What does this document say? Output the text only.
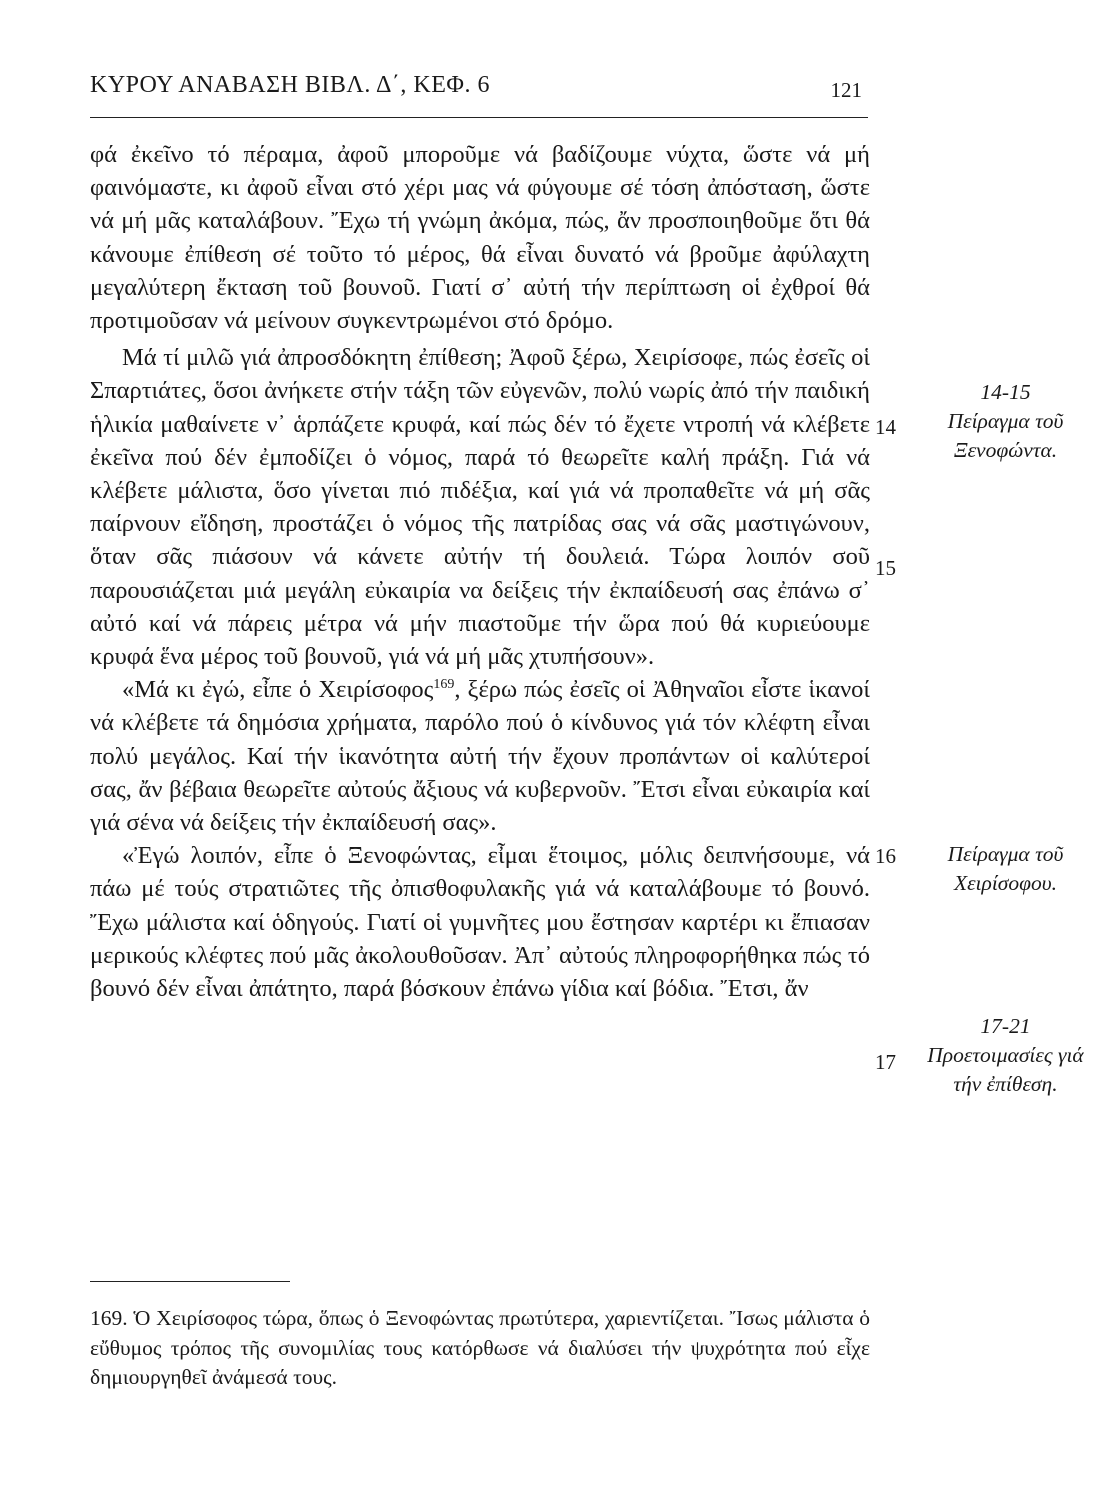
ΚΥΡΟΥ ΑΝΑΒΑΣΗ ΒΙΒΛ. Δ΄, ΚΕΦ. 6	121

φά ἐκεῖνο τό πέραμα, ἀφοῦ μποροῦμε νά βαδίζουμε νύχτα, ὥστε νά μή φαινόμαστε, κι ἀφοῦ εἶναι στό χέρι μας νά φύγουμε σέ τόση ἀπόσταση, ὥστε νά μή μᾶς καταλάβουν. Ἔχω τή γνώμη ἀκόμα, πώς, ἄν προσποιηθοῦμε ὅτι θά κάνουμε ἐπίθεση σέ τοῦτο τό μέρος, θά εἶναι δυνατό νά βροῦμε ἀφύλαχτη μεγαλύτερη ἔκταση τοῦ βουνοῦ. Γιατί σ᾽ αὐτή τήν περίπτωση οἱ ἐχθροί θά προτιμοῦσαν νά μείνουν συγκεντρωμένοι στό δρόμο.

Μά τί μιλῶ γιά ἀπροσδόκητη ἐπίθεση; Ἀφοῦ ξέρω, Χειρίσοφε, πώς ἐσεῖς οἱ Σπαρτιάτες, ὅσοι ἀνήκετε στήν τάξη τῶν εὐγενῶν, πολύ νωρίς ἀπό τήν παιδική ἡλικία μαθαίνετε ν᾽ ἁρπάζετε κρυφά, καί πώς δέν τό ἔχετε ντροπή νά κλέβετε ἐκεῖνα πού δέν ἐμποδίζει ὁ νόμος, παρά τό θεωρεῖτε καλή πράξη. Γιά νά κλέβετε μάλιστα, ὅσο γίνεται πιό πιδέξια, καί γιά νά προπαθεῖτε νά μή σᾶς παίρνουν εἴδηση, προστάζει ὁ νόμος τῆς πατρίδας σας νά σᾶς μαστιγώνουν, ὅταν σᾶς πιάσουν νά κάνετε αὐτήν τή δουλειά. Τώρα λοιπόν σοῦ παρουσιάζεται μιά μεγάλη εὐκαιρία να δείξεις τήν ἐκπαίδευσή σας ἐπάνω σ᾽ αὐτό καί νά πάρεις μέτρα νά μήν πιαστοῦμε τήν ὥρα πού θά κυριεύουμε κρυφά ἕνα μέρος τοῦ βουνοῦ, γιά νά μή μᾶς χτυπήσουν».

«Μά κι ἐγώ, εἶπε ὁ Χειρίσοφος$^{169}$, ξέρω πώς ἐσεῖς οἱ Ἀθηναῖοι εἶστε ἱκανοί νά κλέβετε τά δημόσια χρήματα, παρόλο πού ὁ κίνδυνος γιά τόν κλέφτη εἶναι πολύ μεγάλος. Καί τήν ἱκανότητα αὐτή τήν ἔχουν προπάντων οἱ καλύτεροί σας, ἄν βέβαια θεωρεῖτε αὐτούς ἄξιους νά κυβερνοῦν. Ἔτσι εἶναι εὐκαιρία καί γιά σένα νά δείξεις τήν ἐκπαίδευσή σας».

«Ἐγώ λοιπόν, εἶπε ὁ Ξενοφώντας, εἶμαι ἕτοιμος, μόλις δειπνήσουμε, νά πάω μέ τούς στρατιῶτες τῆς ὀπισθοφυλακῆς γιά νά καταλάβουμε τό βουνό. Ἔχω μάλιστα καί ὁδηγούς. Γιατί οἱ γυμνῆτες μου ἔστησαν καρτέρι κι ἔπιασαν μερικούς κλέφτες πού μᾶς ἀκολουθοῦσαν. Ἀπ᾽ αὐτούς πληροφορήθηκα πώς τό βουνό δέν εἶναι ἀπάτητο, παρά βόσκουν ἐπάνω γίδια καί βόδια. Ἔτσι, ἄν

14
15
16
17
14-15
Πείραγμα τοῦ Ξενοφώντα.
Πείραγμα τοῦ Χειρίσοφου.
17-21
Προετοιμασίες γιά τήν ἐπίθεση.

169. Ὁ Χειρίσοφος τώρα, ὅπως ὁ Ξενοφώντας πρωτύτερα, χαριεντίζεται. Ἴσως μάλιστα ὁ εὔθυμος τρόπος τῆς συνομιλίας τους κατόρθωσε νά διαλύσει τήν ψυχρότητα πού εἶχε δημιουργηθεῖ ἀνάμεσά τους.
